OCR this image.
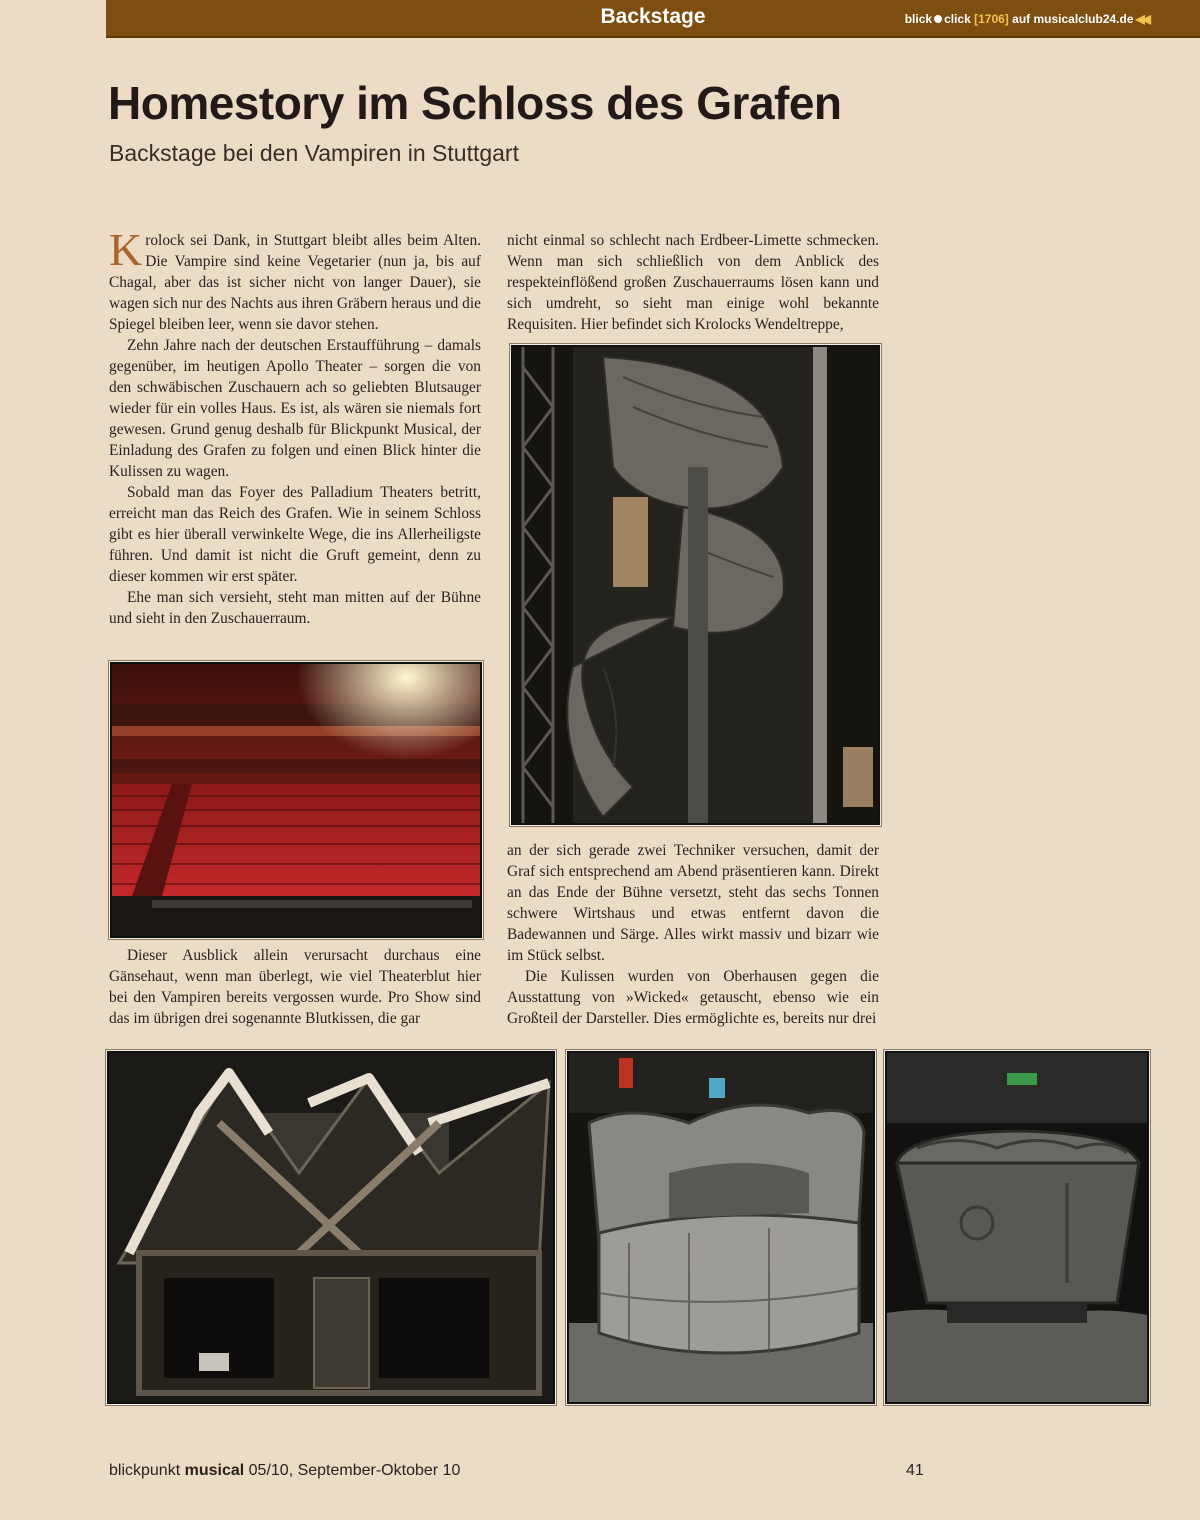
Backstage	blick click [1706] auf musicalclub24.de ◀◀
Homestory im Schloss des Grafen
Backstage bei den Vampiren in Stuttgart

Krolock sei Dank, in Stuttgart bleibt alles beim Alten. Die Vampire sind keine Vegetarier (nun ja, bis auf Chagal, aber das ist sicher nicht von langer Dauer), sie wagen sich nur des Nachts aus ihren Gräbern heraus und die Spiegel bleiben leer, wenn sie davor stehen.

Zehn Jahre nach der deutschen Erstaufführung – damals gegenüber, im heutigen Apollo Theater – sorgen die von den schwäbischen Zuschauern ach so geliebten Blutsauger wieder für ein volles Haus. Es ist, als wären sie niemals fort gewesen. Grund genug deshalb für Blickpunkt Musical, der Einladung des Grafen zu folgen und einen Blick hinter die Kulissen zu wagen.

Sobald man das Foyer des Palladium Theaters betritt, erreicht man das Reich des Grafen. Wie in seinem Schloss gibt es hier überall verwinkelte Wege, die ins Allerheiligste führen. Und damit ist nicht die Gruft gemeint, denn zu dieser kommen wir erst später.

Ehe man sich versieht, steht man mitten auf der Bühne und sieht in den Zuschauerraum.

Dieser Ausblick allein verursacht durchaus eine Gänsehaut, wenn man überlegt, wie viel Theaterblut hier bei den Vampiren bereits vergossen wurde. Pro Show sind das im übrigen drei sogenannte Blutkissen, die gar

nicht einmal so schlecht nach Erdbeer-Limette schmecken. Wenn man sich schließlich von dem Anblick des respekteinflößend großen Zuschauerraums lösen kann und sich umdreht, so sieht man einige wohl bekannte Requisiten. Hier befindet sich Krolocks Wendeltreppe,

an der sich gerade zwei Techniker versuchen, damit der Graf sich entsprechend am Abend präsentieren kann. Direkt an das Ende der Bühne versetzt, steht das sechs Tonnen schwere Wirtshaus und etwas entfernt davon die Badewannen und Särge. Alles wirkt massiv und bizarr wie im Stück selbst.

Die Kulissen wurden von Oberhausen gegen die Ausstattung von »Wicked« getauscht, ebenso wie ein Großteil der Darsteller. Dies ermöglichte es, bereits nur drei

blickpunkt musical 05/10, September-Oktober 10	41
